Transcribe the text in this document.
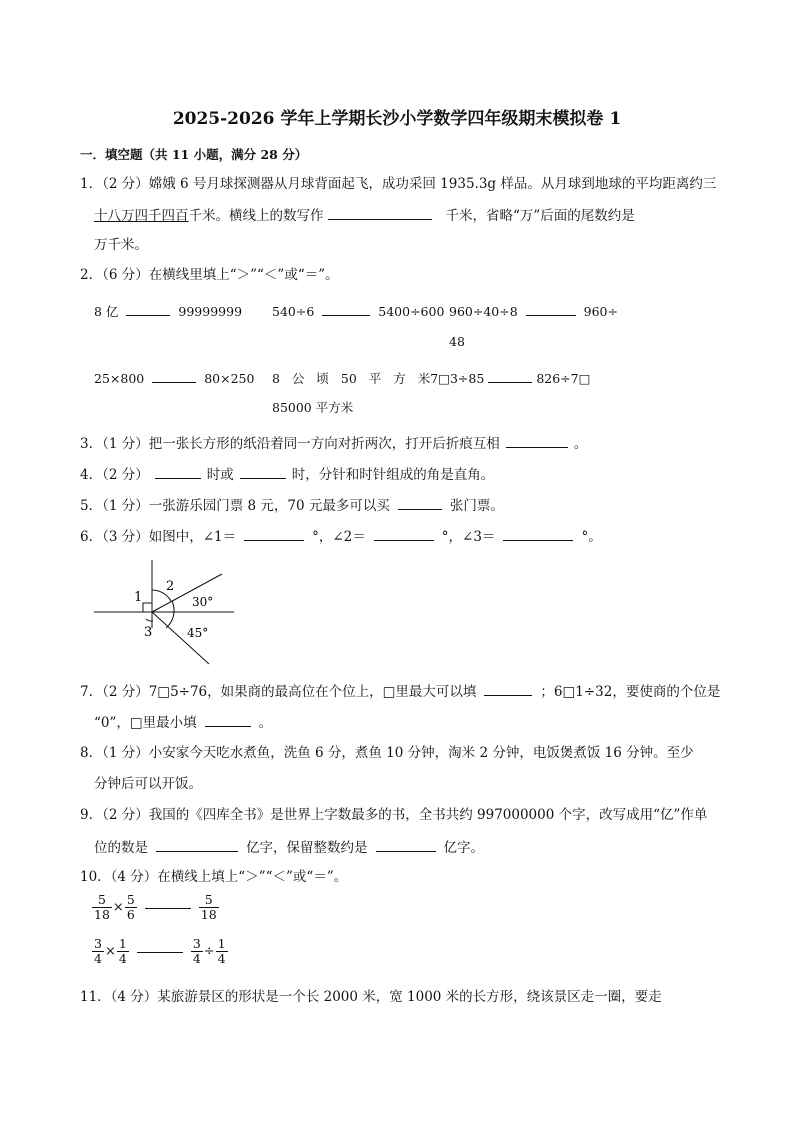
2025-2026 学年上学期长沙小学数学四年级期末模拟卷 1
一．填空题（共 11 小题，满分 28 分）
1．（2 分）嫦娥 6 号月球探测器从月球背面起飞，成功采回 1935.3g 样品。从月球到地球的平均距离约三
十八万四千四百千米。横线上的数写作	千米，省略“万”后面的尾数约是
万千米。
2．（6 分）在横线里填上“＞”“＜”或“＝”。
8 亿	99999999 540÷6	5400÷600 960÷40÷8	960÷
48
25×800	80×250 8 公 顷 50 平 方 米7□3÷85	826÷7□
85000 平方米
3．（1 分）把一张长方形的纸沿着同一方向对折两次，打开后折痕互相	。
4．（2 分）	时或	时，分针和时针组成的角是直角。
5．（1 分）一张游乐园门票 8 元，70 元最多可以买	张门票。
6．（3 分）如图中，∠1＝	°，∠2＝	°，∠3＝	°。
1
2
3
30°
45°
7．（2 分）7□5÷76，如果商的最高位在个位上，□里最大可以填	；6□1÷32，要使商的个位是
“0”，□里最小填	。
8．（1 分）小安家今天吃水煮鱼，洗鱼 6 分，煮鱼 10 分钟，淘米 2 分钟，电饭煲煮饭 16 分钟。至少
分钟后可以开饭。
9．（2 分）我国的《四库全书》是世界上字数最多的书，全书共约 997000000 个字，改写成用“亿”作单
位的数是	亿字，保留整数约是	亿字。
10．（4 分）在横线上填上“＞”“＜”或“＝”。
$\frac{5}{18} \times \frac{5}{6}$	$\frac{5}{18}$
$\frac{3}{4} \times \frac{1}{4}$	$\frac{3}{4} \div \frac{1}{4}$
11．（4 分）某旅游景区的形状是一个长 2000 米，宽 1000 米的长方形，绕该景区走一圈，要走
